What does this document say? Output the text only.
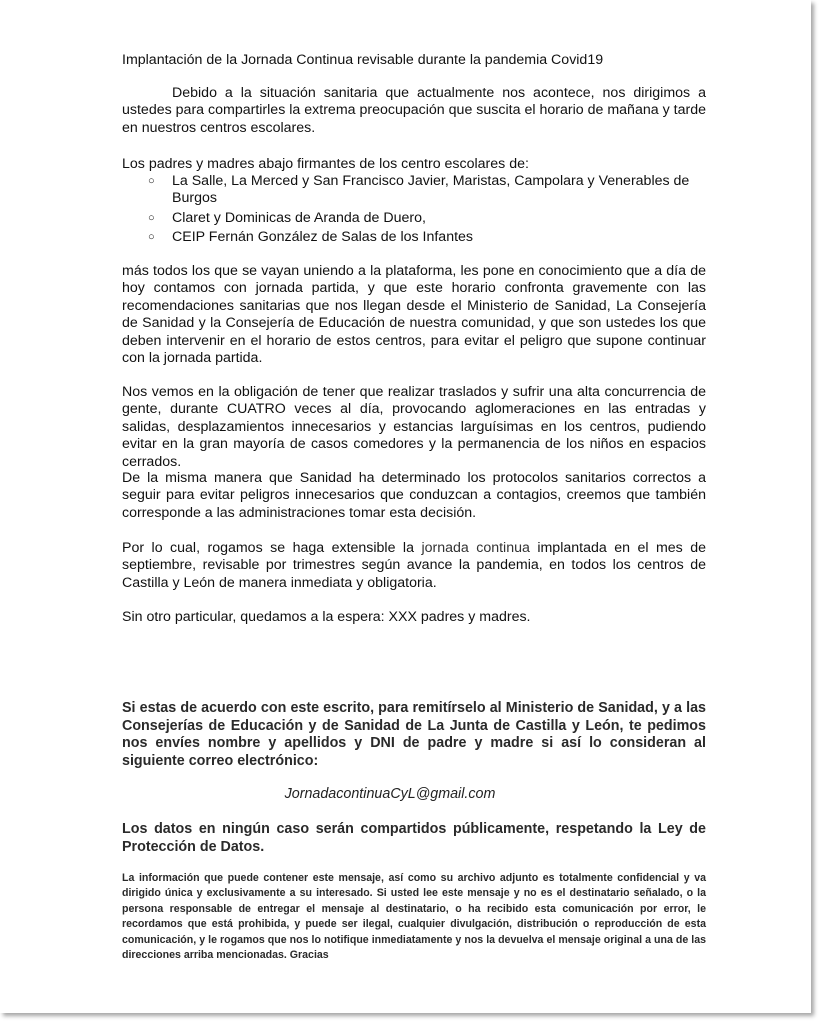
Implantación de la Jornada Continua revisable durante la pandemia Covid19

Debido a la situación sanitaria que actualmente nos acontece, nos dirigimos a ustedes para compartirles la extrema preocupación que suscita el horario de mañana y tarde en nuestros centros escolares.

Los padres y madres abajo firmantes de los centro escolares de:

○ La Salle, La Merced y San Francisco Javier, Maristas, Campolara y Venerables de Burgos
○ Claret y Dominicas de Aranda de Duero,
○ CEIP Fernán González de Salas de los Infantes

más todos los que se vayan uniendo a la plataforma, les pone en conocimiento que a día de hoy contamos con jornada partida, y que este horario confronta gravemente con las recomendaciones sanitarias que nos llegan desde el Ministerio de Sanidad, La Consejería de Sanidad y la Consejería de Educación de nuestra comunidad, y que son ustedes los que deben intervenir en el horario de estos centros, para evitar el peligro que supone continuar con la jornada partida.

Nos vemos en la obligación de tener que realizar traslados y sufrir una alta concurrencia de gente, durante CUATRO veces al día, provocando aglomeraciones en las entradas y salidas, desplazamientos innecesarios y estancias larguísimas en los centros, pudiendo evitar en la gran mayoría de casos comedores y la permanencia de los niños en espacios cerrados.

De la misma manera que Sanidad ha determinado los protocolos sanitarios correctos a seguir para evitar peligros innecesarios que conduzcan a contagios, creemos que también corresponde a las administraciones tomar esta decisión.

Por lo cual, rogamos se haga extensible la jornada continua implantada en el mes de septiembre, revisable por trimestres según avance la pandemia, en todos los centros de Castilla y León de manera inmediata y obligatoria.

Sin otro particular, quedamos a la espera: XXX padres y madres.

Si estas de acuerdo con este escrito, para remitírselo al Ministerio de Sanidad, y a las Consejerías de Educación y de Sanidad de La Junta de Castilla y León, te pedimos nos envíes nombre y apellidos y DNI de padre y madre si así lo consideran al siguiente correo electrónico:

JornadacontinuaCyL@gmail.com

Los datos en ningún caso serán compartidos públicamente, respetando la Ley de Protección de Datos.

La información que puede contener este mensaje, así como su archivo adjunto es totalmente confidencial y va dirigido única y exclusivamente a su interesado. Si usted lee este mensaje y no es el destinatario señalado, o la persona responsable de entregar el mensaje al destinatario, o ha recibido esta comunicación por error, le recordamos que está prohibida, y puede ser ilegal, cualquier divulgación, distribución o reproducción de esta comunicación, y le rogamos que nos lo notifique inmediatamente y nos la devuelva el mensaje original a una de las direcciones arriba mencionadas. Gracias
